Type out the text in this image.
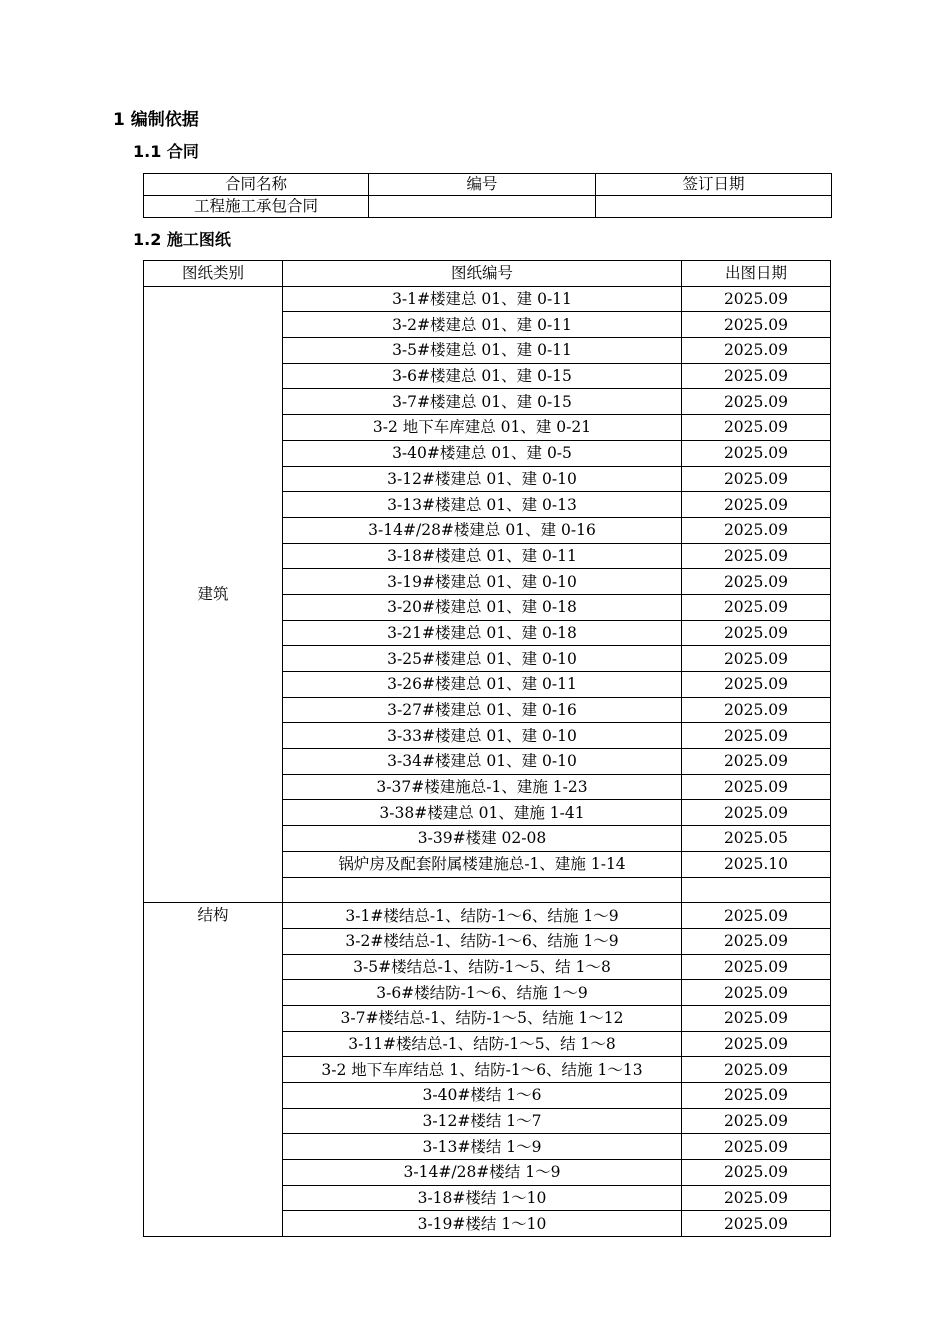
1 编制依据
1.1 合同
合同名称	编号	签订日期
工程施工承包合同		
1.2 施工图纸
图纸类别	图纸编号	出图日期
建筑	3-1#楼建总 01、建 0-11	2025.09
	3-2#楼建总 01、建 0-11	2025.09
	3-5#楼建总 01、建 0-11	2025.09
	3-6#楼建总 01、建 0-15	2025.09
	3-7#楼建总 01、建 0-15	2025.09
	3-2 地下车库建总 01、建 0-21	2025.09
	3-40#楼建总 01、建 0-5	2025.09
	3-12#楼建总 01、建 0-10	2025.09
	3-13#楼建总 01、建 0-13	2025.09
	3-14#/28#楼建总 01、建 0-16	2025.09
	3-18#楼建总 01、建 0-11	2025.09
	3-19#楼建总 01、建 0-10	2025.09
	3-20#楼建总 01、建 0-18	2025.09
	3-21#楼建总 01、建 0-18	2025.09
	3-25#楼建总 01、建 0-10	2025.09
	3-26#楼建总 01、建 0-11	2025.09
	3-27#楼建总 01、建 0-16	2025.09
	3-33#楼建总 01、建 0-10	2025.09
	3-34#楼建总 01、建 0-10	2025.09
	3-37#楼建施总-1、建施 1-23	2025.09
	3-38#楼建总 01、建施 1-41	2025.09
	3-39#楼建 02-08	2025.05
	锅炉房及配套附属楼建施总-1、建施 1-14	2025.10

结构	3-1#楼结总-1、结防-1～6、结施 1～9	2025.09
	3-2#楼结总-1、结防-1～6、结施 1～9	2025.09
	3-5#楼结总-1、结防-1～5、结 1～8	2025.09
	3-6#楼结防-1～6、结施 1～9	2025.09
	3-7#楼结总-1、结防-1～5、结施 1～12	2025.09
	3-11#楼结总-1、结防-1～5、结 1～8	2025.09
	3-2 地下车库结总 1、结防-1～6、结施 1～13	2025.09
	3-40#楼结 1～6	2025.09
	3-12#楼结 1～7	2025.09
	3-13#楼结 1～9	2025.09
	3-14#/28#楼结 1～9	2025.09
	3-18#楼结 1～10	2025.09
	3-19#楼结 1～10	2025.09
